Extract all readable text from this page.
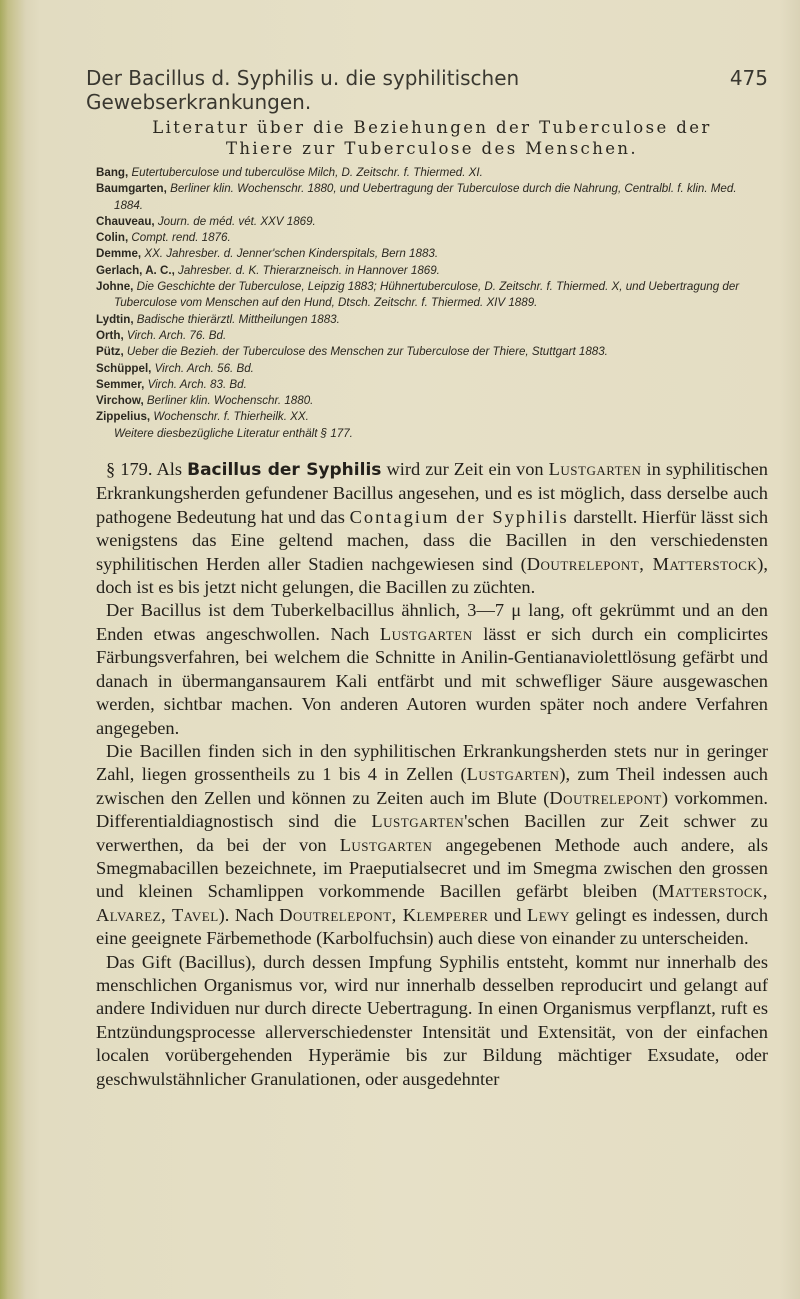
Der Bacillus d. Syphilis u. die syphilitischen Gewebserkrankungen.
475
Literatur über die Beziehungen der Tuberculose der
Thiere zur Tuberculose des Menschen.
Bang, Eutertuberculose und tuberculöse Milch, D. Zeitschr. f. Thiermed. XI.
Baumgarten, Berliner klin. Wochenschr. 1880, und Uebertragung der Tuberculose durch die Nahrung, Centralbl. f. klin. Med. 1884.
Chauveau, Journ. de méd. vét. XXV 1869.
Colin, Compt. rend. 1876.
Demme, XX. Jahresber. d. Jenner'schen Kinderspitals, Bern 1883.
Gerlach, A. C., Jahresber. d. K. Thierarzneisch. in Hannover 1869.
Johne, Die Geschichte der Tuberculose, Leipzig 1883; Hühnertuberculose, D. Zeitschr. f. Thiermed. X, und Uebertragung der Tuberculose vom Menschen auf den Hund, Dtsch. Zeitschr. f. Thiermed. XIV 1889.
Lydtin, Badische thierärztl. Mittheilungen 1883.
Orth, Virch. Arch. 76. Bd.
Pütz, Ueber die Bezieh. der Tuberculose des Menschen zur Tuberculose der Thiere, Stuttgart 1883.
Schüppel, Virch. Arch. 56. Bd.
Semmer, Virch. Arch. 83. Bd.
Virchow, Berliner klin. Wochenschr. 1880.
Zippelius, Wochenschr. f. Thierheilk. XX.
Weitere diesbezügliche Literatur enthält § 177.

§ 179. Als Bacillus der Syphilis wird zur Zeit ein von Lustgarten in syphilitischen Erkrankungsherden gefundener Bacillus angesehen, und es ist möglich, dass derselbe auch pathogene Bedeutung hat und das Contagium der Syphilis darstellt. Hierfür lässt sich wenigstens das Eine geltend machen, dass die Bacillen in den verschiedensten syphilitischen Herden aller Stadien nachgewiesen sind (Doutrelepont, Matterstock), doch ist es bis jetzt nicht gelungen, die Bacillen zu züchten.

Der Bacillus ist dem Tuberkelbacillus ähnlich, 3—7 μ lang, oft gekrümmt und an den Enden etwas angeschwollen. Nach Lustgarten lässt er sich durch ein complicirtes Färbungsverfahren, bei welchem die Schnitte in Anilin-Gentianaviolettlösung gefärbt und danach in übermangansaurem Kali entfärbt und mit schwefliger Säure ausgewaschen werden, sichtbar machen. Von anderen Autoren wurden später noch andere Verfahren angegeben.

Die Bacillen finden sich in den syphilitischen Erkrankungsherden stets nur in geringer Zahl, liegen grossentheils zu 1 bis 4 in Zellen (Lustgarten), zum Theil indessen auch zwischen den Zellen und können zu Zeiten auch im Blute (Doutrelepont) vorkommen. Differentialdiagnostisch sind die Lustgarten'schen Bacillen zur Zeit schwer zu verwerthen, da bei der von Lustgarten angegebenen Methode auch andere, als Smegmabacillen bezeichnete, im Praeputialsecret und im Smegma zwischen den grossen und kleinen Schamlippen vorkommende Bacillen gefärbt bleiben (Matterstock, Alvarez, Tavel). Nach Doutrelepont, Klemperer und Lewy gelingt es indessen, durch eine geeignete Färbemethode (Karbolfuchsin) auch diese von einander zu unterscheiden.

Das Gift (Bacillus), durch dessen Impfung Syphilis entsteht, kommt nur innerhalb des menschlichen Organismus vor, wird nur innerhalb desselben reproducirt und gelangt auf andere Individuen nur durch directe Uebertragung. In einen Organismus verpflanzt, ruft es Entzündungsprocesse allerverschiedenster Intensität und Extensität, von der einfachen localen vorübergehenden Hyperämie bis zur Bildung mächtiger Exsudate, oder geschwulstähnlicher Granulationen, oder ausgedehnter
